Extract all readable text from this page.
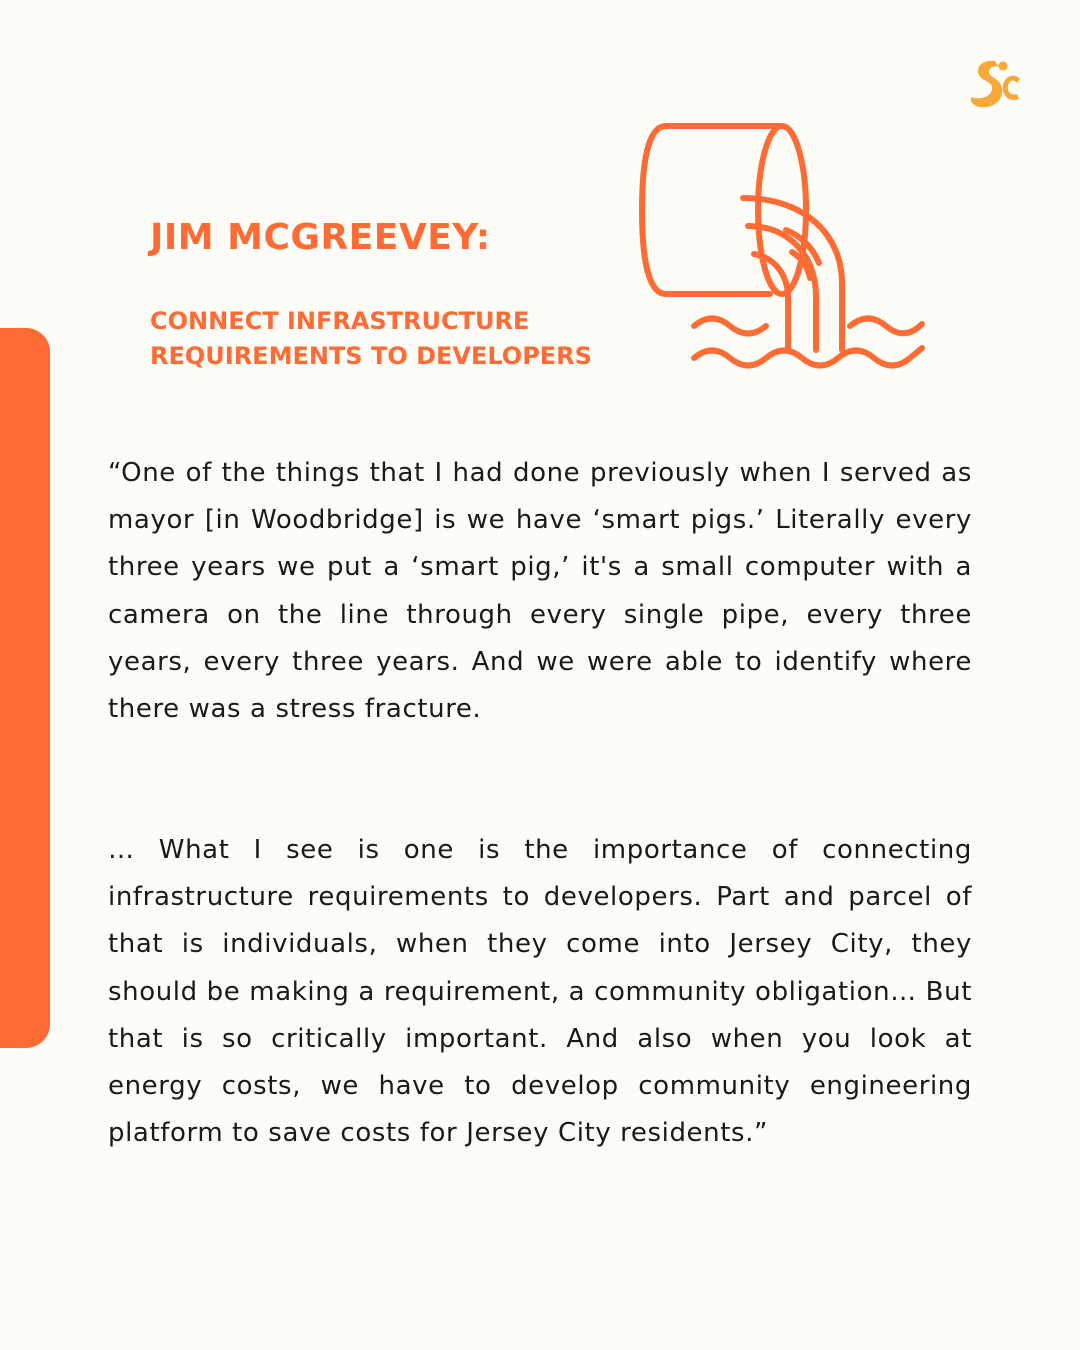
JIM MCGREEVEY:
CONNECT INFRASTRUCTURE
REQUIREMENTS TO DEVELOPERS

“One of the things that I had done previously when I served as mayor [in Woodbridge] is we have ‘smart pigs.’ Literally every three years we put a ‘smart pig,’ it's a small computer with a camera on the line through every single pipe, every three years, every three years. And we were able to identify where there was a stress fracture.

… What I see is one is the importance of connecting infrastructure requirements to developers. Part and parcel of that is individuals, when they come into Jersey City, they should be making a requirement, a community obligation… But that is so critically important. And also when you look at energy costs, we have to develop community engineering platform to save costs for Jersey City residents.”
